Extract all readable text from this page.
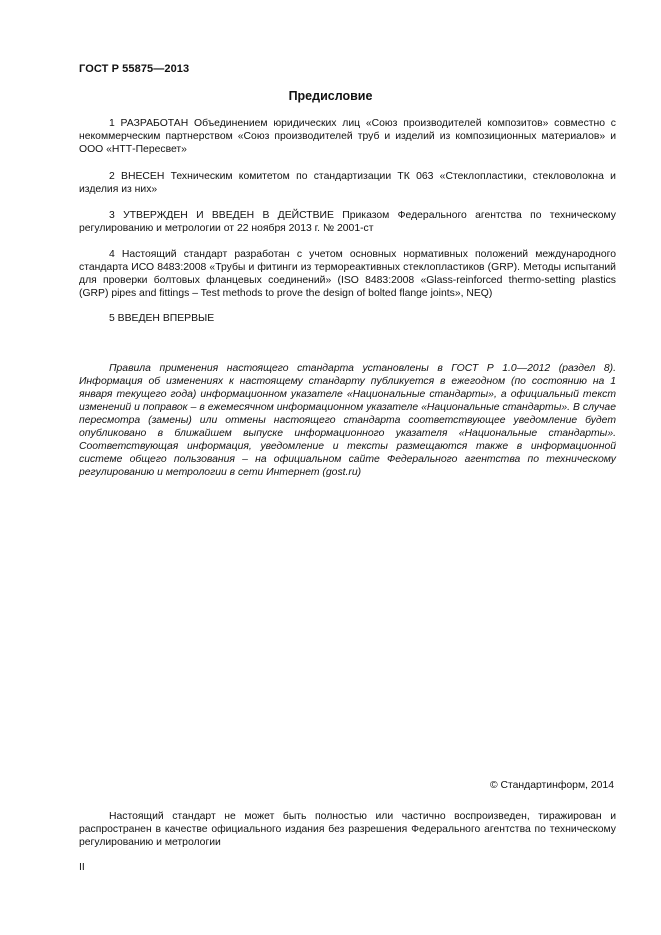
ГОСТ Р 55875—2013
Предисловие

1 РАЗРАБОТАН Объединением юридических лиц «Союз производителей композитов» совместно с некоммерческим партнерством «Союз производителей труб и изделий из композиционных материалов» и ООО «НТТ-Пересвет»

2 ВНЕСЕН Техническим комитетом по стандартизации ТК 063 «Стеклопластики, стекловолокна и изделия из них»

3 УТВЕРЖДЕН И ВВЕДЕН В ДЕЙСТВИЕ Приказом Федерального агентства по техническому регулированию и метрологии от 22 ноября 2013 г. № 2001-ст

4 Настоящий стандарт разработан с учетом основных нормативных положений международного стандарта ИСО 8483:2008 «Трубы и фитинги из термореактивных стеклопластиков (GRP). Методы испытаний для проверки болтовых фланцевых соединений» (ISO 8483:2008 «Glass-reinforced thermo-setting plastics (GRP) pipes and fittings – Test methods to prove the design of bolted flange joints», NEQ)

5 ВВЕДЕН ВПЕРВЫЕ

Правила применения настоящего стандарта установлены в ГОСТ Р 1.0—2012 (раздел 8). Информация об изменениях к настоящему стандарту публикуется в ежегодном (по состоянию на 1 января текущего года) информационном указателе «Национальные стандарты», а официальный текст изменений и поправок – в ежемесячном информационном указателе «Национальные стандарты». В случае пересмотра (замены) или отмены настоящего стандарта соответствующее уведомление будет опубликовано в ближайшем выпуске информационного указателя «Национальные стандарты». Соответствующая информация, уведомление и тексты размещаются также в информационной системе общего пользования – на официальном сайте Федерального агентства по техническому регулированию и метрологии в сети Интернет (gost.ru)

© Стандартинформ, 2014

Настоящий стандарт не может быть полностью или частично воспроизведен, тиражирован и распространен в качестве официального издания без разрешения Федерального агентства по техническому регулированию и метрологии

II
